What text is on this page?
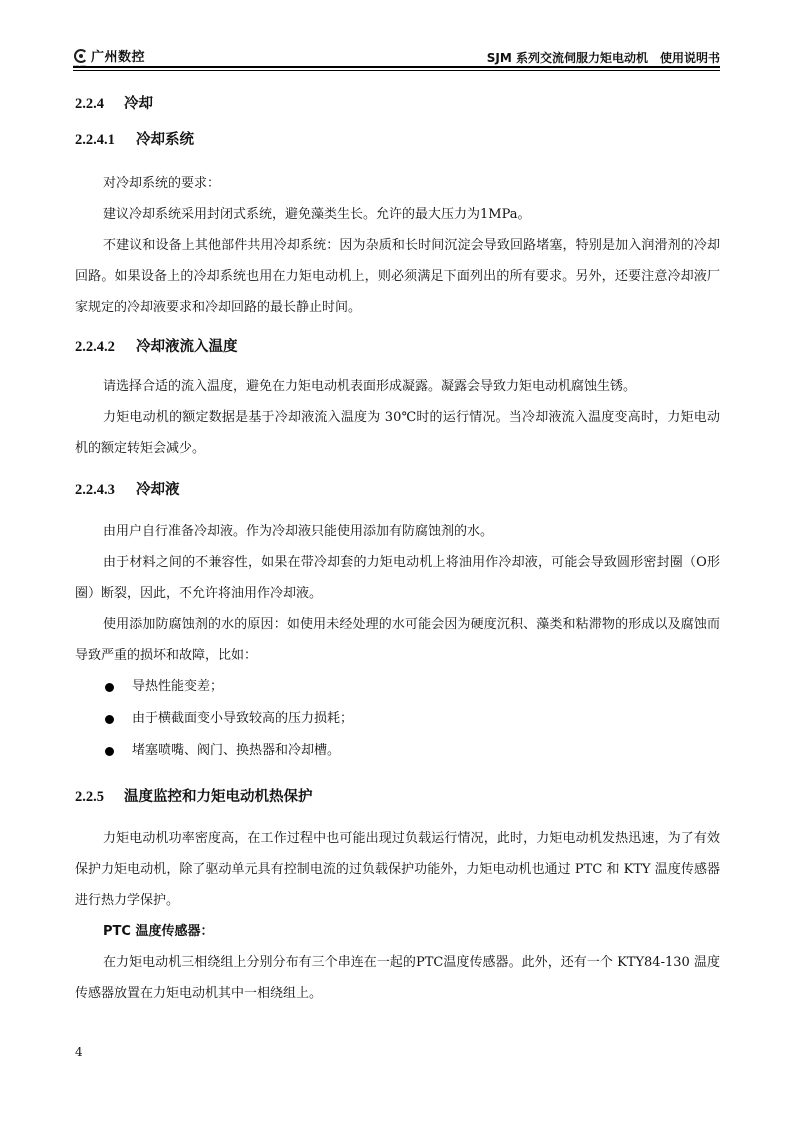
广州数控	SJM 系列交流伺服力矩电动机　使用说明书
2.2.4 冷却
2.2.4.1 冷却系统

对冷却系统的要求：

建议冷却系统采用封闭式系统，避免藻类生长。允许的最大压力为1MPa。

不建议和设备上其他部件共用冷却系统：因为杂质和长时间沉淀会导致回路堵塞，特别是加入润滑剂的冷却回路。如果设备上的冷却系统也用在力矩电动机上，则必须满足下面列出的所有要求。另外，还要注意冷却液厂家规定的冷却液要求和冷却回路的最长静止时间。

2.2.4.2 冷却液流入温度

请选择合适的流入温度，避免在力矩电动机表面形成凝露。凝露会导致力矩电动机腐蚀生锈。

力矩电动机的额定数据是基于冷却液流入温度为 30℃时的运行情况。当冷却液流入温度变高时，力矩电动机的额定转矩会减少。

2.2.4.3 冷却液

由用户自行准备冷却液。作为冷却液只能使用添加有防腐蚀剂的水。

由于材料之间的不兼容性，如果在带冷却套的力矩电动机上将油用作冷却液，可能会导致圆形密封圈（O形圈）断裂，因此，不允许将油用作冷却液。

使用添加防腐蚀剂的水的原因：如使用未经处理的水可能会因为硬度沉积、藻类和粘滞物的形成以及腐蚀而导致严重的损坏和故障，比如：

导热性能变差；
由于横截面变小导致较高的压力损耗；
堵塞喷嘴、阀门、换热器和冷却槽。
2.2.5 温度监控和力矩电动机热保护

力矩电动机功率密度高，在工作过程中也可能出现过负载运行情况，此时，力矩电动机发热迅速，为了有效保护力矩电动机，除了驱动单元具有控制电流的过负载保护功能外，力矩电动机也通过 PTC 和 KTY 温度传感器进行热力学保护。

PTC 温度传感器：

在力矩电动机三相绕组上分别分布有三个串连在一起的PTC温度传感器。此外，还有一个 KTY84-130 温度传感器放置在力矩电动机其中一相绕组上。

4
